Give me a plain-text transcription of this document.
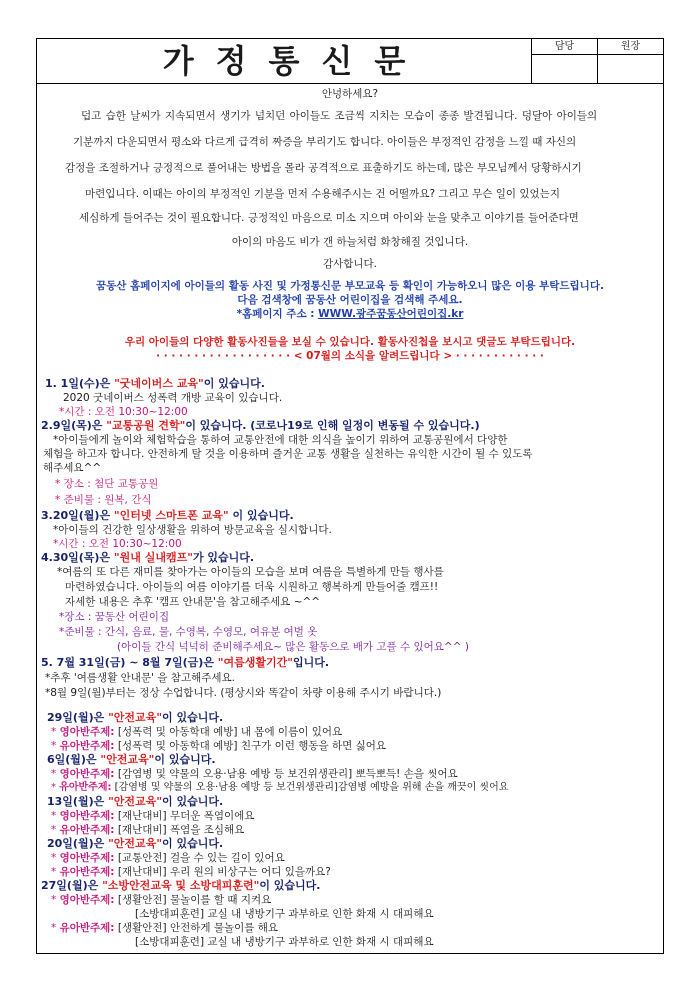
가정통신문	담당	원장
안녕하세요?
덥고 습한 날씨가 지속되면서 생기가 넘치던 아이들도 조금씩 지치는 모습이 종종 발견됩니다. 덩달아 아이들의
기분까지 다운되면서 평소와 다르게 급격히 짜증을 부리기도 합니다. 아이들은 부정적인 감정을 느낄 때 자신의
감정을 조절하거나 긍정적으로 풀어내는 방법을 몰라 공격적으로 표출하기도 하는데, 많은 부모님께서 당황하시기
마련입니다. 이때는 아이의 부정적인 기분을 먼저 수용해주시는 건 어떨까요? 그리고 무슨 일이 있었는지
세심하게 들어주는 것이 필요합니다. 긍정적인 마음으로 미소 지으며 아이와 눈을 맞추고 이야기를 들어준다면
아이의 마음도 비가 갠 하늘처럼 화창해질 것입니다.
감사합니다.
꿈동산 홈페이지에 아이들의 활동 사진 및 가정통신문 부모교육 등 확인이 가능하오니 많은 이용 부탁드립니다.
다음 검색창에 꿈동산 어린이집을 검색해 주세요.
*홈페이지 주소 : WWW.광주꿈동산어린이집.kr
우리 아이들의 다양한 활동사진들을 보실 수 있습니다. 활동사진첩을 보시고 댓글도 부탁드립니다.
· · · · · · · · · · · · · · · · · · < 07월의 소식을 알려드립니다 > · · · · · · · · · · · ·
1. 1일(수)은 "굿네이버스 교육"이 있습니다.
2020 굿네이버스 성폭력 개방 교육이 있습니다.
*시간 : 오전 10:30~12:00
2.9일(목)은 "교통공원 견학"이 있습니다. (코로나19로 인해 일정이 변동될 수 있습니다.)
*아이들에게 놀이와 체험학습을 통하여 교통안전에 대한 의식을 높이기 위하여 교통공원에서 다양한
체험을 하고자 합니다. 안전하게 탈 것을 이용하며 즐거운 교통 생활을 실천하는 유익한 시간이 될 수 있도록
해주세요^^
* 장소 : 첨단 교통공원
* 준비물 : 원복, 간식
3.20일(월)은 "인터넷 스마트폰 교육" 이 있습니다.
*아이들의 건강한 일상생활을 위하여 방문교육을 실시합니다.
*시간 : 오전 10:30~12:00
4.30일(목)은 "원내 실내캠프"가 있습니다.
*여름의 또 다른 재미를 찾아가는 아이들의 모습을 보며 여름을 특별하게 만들 행사를
마련하였습니다. 아이들의 여름 이야기를 더욱 시원하고 행복하게 만들어줄 캠프!!
자세한 내용은 추후 '캠프 안내문'을 참고해주세요 ~^^
*장소 : 꿈동산 어린이집
*준비물 : 간식, 음료, 물, 수영복, 수영모, 여유분 여벌 옷
(아이들 간식 넉넉히 준비해주세요~ 많은 활동으로 배가 고플 수 있어요^^ )
5. 7월 31일(금) ~ 8월 7일(금)은 "여름생활기간"입니다.
*추후 '여름생활 안내문' 을 참고해주세요.
*8월 9일(월)부터는 정상 수업합니다. (평상시와 똑같이 차량 이용해 주시기 바랍니다.)
29일(월)은 "안전교육"이 있습니다.
* 영아반주제: [성폭력 및 아동학대 예방] 내 몸에 이름이 있어요
* 유아반주제: [성폭력 및 아동학대 예방] 친구가 이런 행동을 하면 싫어요
6일(월)은 "안전교육"이 있습니다.
* 영아반주제: [감염병 및 약물의 오용·남용 예방 등 보건위생관리] 뽀득뽀득! 손을 씻어요
* 유아반주제: [감염병 및 약물의 오용·남용 예방 등 보건위생관리]감염병 예방을 위해 손을 깨끗이 씻어요
13일(월)은 "안전교육"이 있습니다.
* 영아반주제: [재난대비] 무더운 폭염이에요
* 유아반주제: [재난대비] 폭염을 조심해요
20일(월)은 "안전교육"이 있습니다.
* 영아반주제: [교통안전] 걸을 수 있는 길이 있어요
* 유아반주제: [재난대비] 우리 원의 비상구는 어디 있을까요?
27일(월)은 "소방안전교육 및 소방대피훈련"이 있습니다.
* 영아반주제: [생활안전] 물놀이를 할 때 지켜요
[소방대피훈련] 교실 내 냉방기구 과부하로 인한 화재 시 대피해요
* 유아반주제: [생활안전] 안전하게 물놀이를 해요
[소방대피훈련] 교실 내 냉방기구 과부하로 인한 화재 시 대피해요
